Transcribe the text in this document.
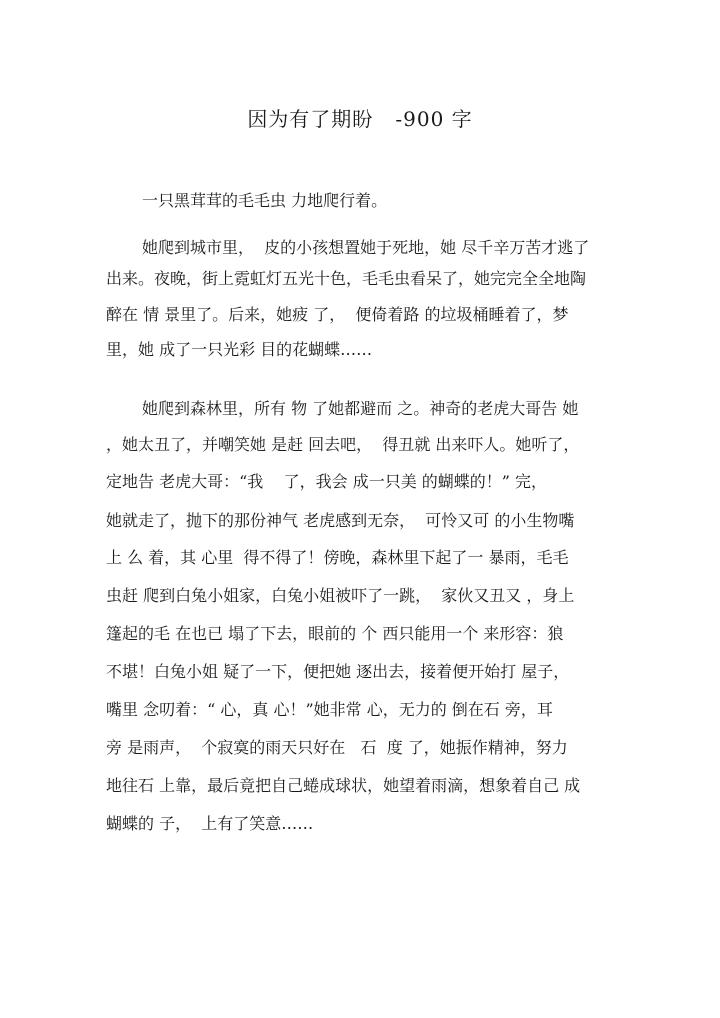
因为有了期盼   -900 字
一只黑茸茸的毛毛虫 力地爬行着。
她爬到城市里，  皮的小孩想置她于死地，她 尽千辛万苦才逃了
出来。夜晚，街上霓虹灯五光十色，毛毛虫看呆了，她完完全全地陶
醉在 情 景里了。后来，她疲 了，  便倚着路 的垃圾桶睡着了，梦
里，她 成了一只光彩 目的花蝴蝶……
她爬到森林里，所有 物 了她都避而 之。神奇的老虎大哥告 她
，她太丑了，并嘲笑她 是赶 回去吧，  得丑就 出来吓人。她听了，
定地告 老虎大哥：“我    了，我会 成一只美 的蝴蝶的！” 完，
她就走了，抛下的那份神气 老虎感到无奈，  可怜又可 的小生物嘴
上 么 着，其 心里  得不得了！傍晚，森林里下起了一 暴雨，毛毛
虫赶 爬到白兔小姐家，白兔小姐被吓了一跳，  家伙又丑又 ，身上
篷起的毛 在也已 塌了下去，眼前的 个 西只能用一个 来形容：狼
不堪！白兔小姐 疑了一下，便把她 逐出去，接着便开始打 屋子，
嘴里 念叨着：“ 心，真 心！”她非常 心，无力的 倒在石 旁，耳
旁 是雨声，  个寂寞的雨天只好在   石  度 了，她振作精神，努力
地往石 上靠，最后竟把自己蜷成球状，她望着雨滴，想象着自己 成
蝴蝶的 子，  上有了笑意……
